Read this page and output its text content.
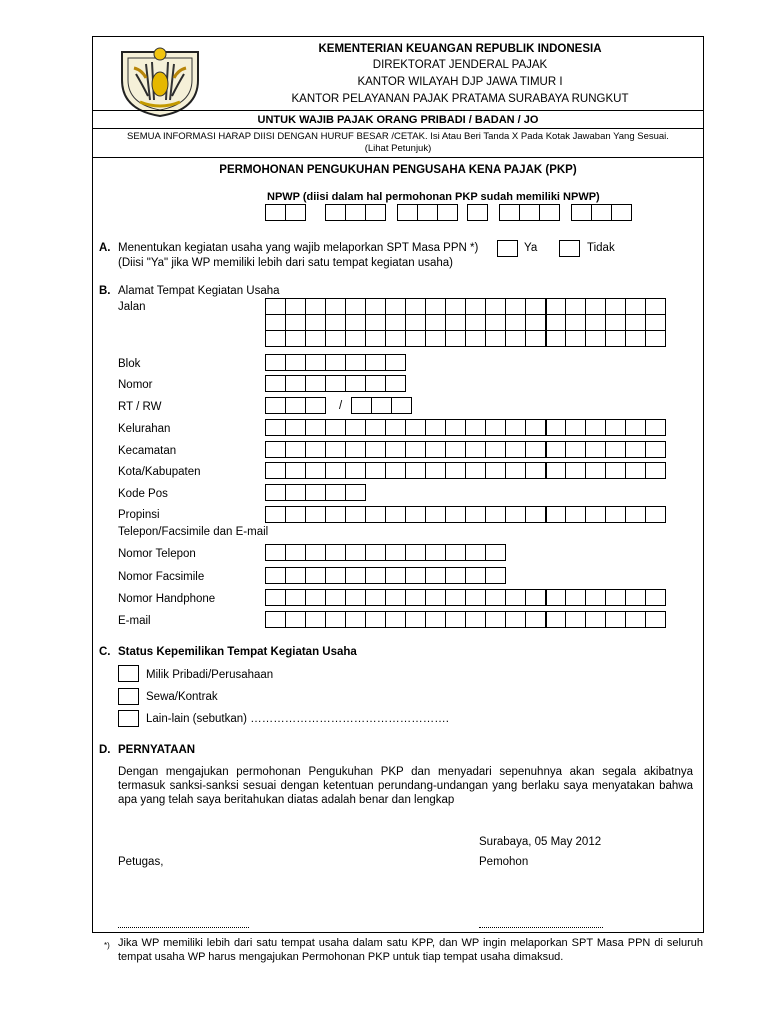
KEMENTERIAN KEUANGAN REPUBLIK INDONESIA
DIREKTORAT JENDERAL PAJAK
KANTOR WILAYAH DJP JAWA TIMUR I
KANTOR PELAYANAN PAJAK PRATAMA SURABAYA RUNGKUT
UNTUK WAJIB PAJAK ORANG PRIBADI / BADAN / JO
SEMUA INFORMASI HARAP DIISI DENGAN HURUF BESAR /CETAK. Isi Atau Beri Tanda X Pada Kotak Jawaban Yang Sesuai.
(Lihat Petunjuk)
PERMOHONAN PENGUKUHAN PENGUSAHA KENA PAJAK (PKP)
NPWP (diisi dalam hal permohonan PKP sudah memiliki NPWP)
A. Menentukan kegiatan usaha yang wajib melaporkan SPT Masa PPN *)
(Diisi "Ya" jika WP memiliki lebih dari satu tempat kegiatan usaha)
Ya	Tidak
B. Alamat Tempat Kegiatan Usaha
Jalan
Blok
Nomor
RT / RW	/
Kelurahan
Kecamatan
Kota/Kabupaten
Kode Pos
Propinsi
Telepon/Facsimile dan E-mail
Nomor Telepon
Nomor Facsimile
Nomor Handphone
E-mail
C. Status Kepemilikan Tempat Kegiatan Usaha
Milik Pribadi/Perusahaan
Sewa/Kontrak
Lain-lain (sebutkan) …………………………………………….
D. PERNYATAAN
Dengan mengajukan permohonan Pengukuhan PKP dan menyadari sepenuhnya akan segala akibatnya termasuk sanksi-sanksi sesuai dengan ketentuan perundang-undangan yang berlaku saya menyatakan bahwa apa yang telah saya beritahukan diatas adalah benar dan lengkap
Surabaya, 05 May 2012
Petugas,	Pemohon
*) Jika WP memiliki lebih dari satu tempat usaha dalam satu KPP, dan WP ingin melaporkan SPT Masa PPN di seluruh tempat usaha WP harus mengajukan Permohonan PKP untuk tiap tempat usaha dimaksud.
